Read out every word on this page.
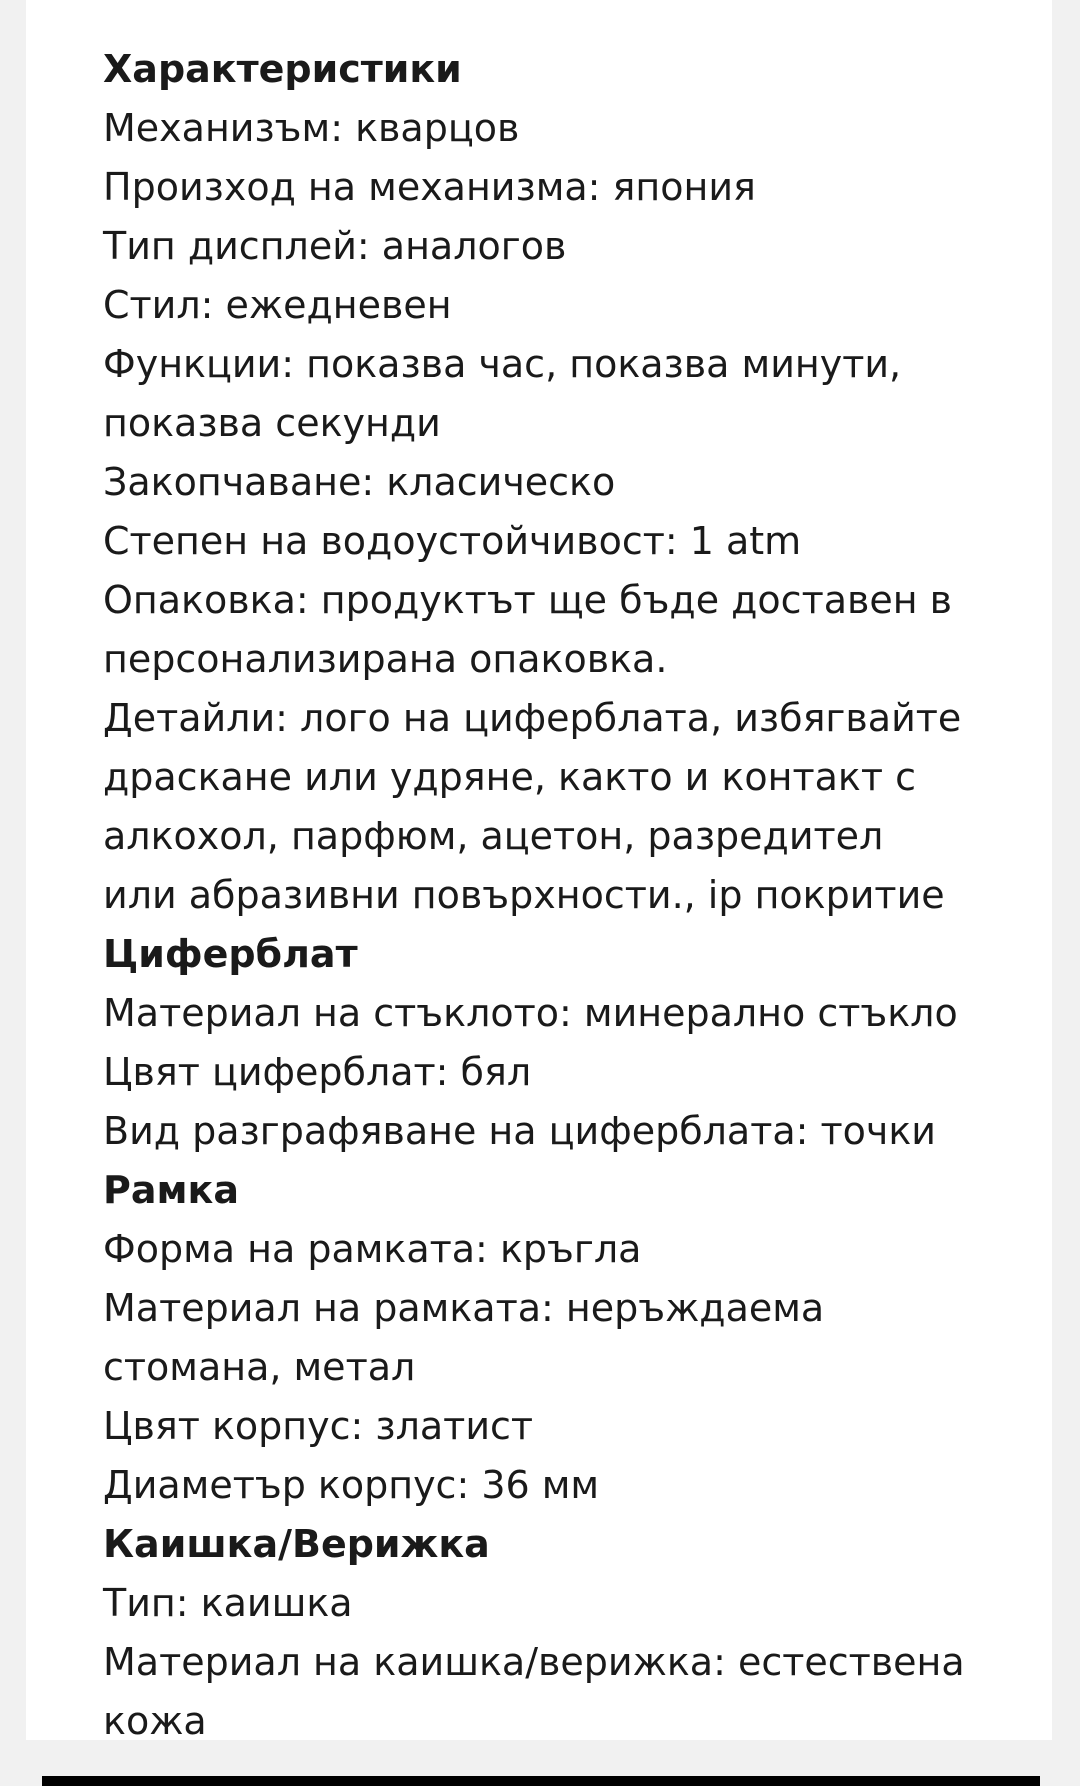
Характеристики

Механизъм: кварцов

Произход на механизма: япония

Тип дисплей: аналогов

Стил: ежедневен

Функции: показва час, показва минути,

показва секунди

Закопчаване: класическо

Степен на водоустойчивост: 1 atm

Опаковка: продуктът ще бъде доставен в

персонализирана опаковка.

Детайли: лого на циферблата, избягвайте

драскане или удряне, както и контакт с

алкохол, парфюм, ацетон, разредител

или абразивни повърхности., ip покритие

Циферблат

Материал на стъклото: минерално стъкло

Цвят циферблат: бял

Вид разграфяване на циферблата: точки

Рамка

Форма на рамката: кръгла

Материал на рамката: неръждаема

стомана, метал

Цвят корпус: златист

Диаметър корпус: 36 мм

Каишка/Верижка

Тип: каишка

Материал на каишка/верижка: естествена

кожа
